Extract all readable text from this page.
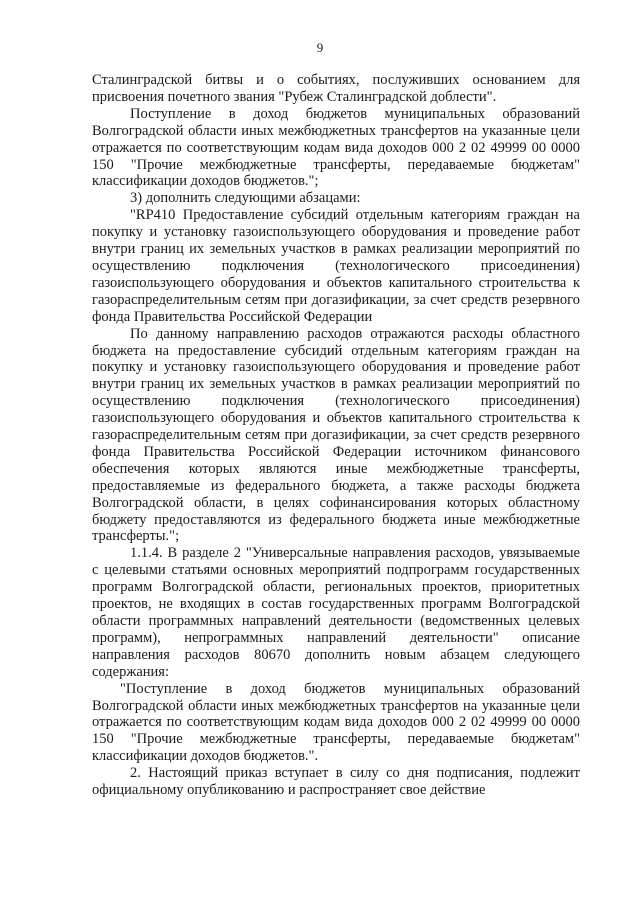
9

Сталинградской битвы и о событиях, послуживших основанием для присвоения почетного звания "Рубеж Сталинградской доблести".

Поступление в доход бюджетов муниципальных образований Волгоградской области иных межбюджетных трансфертов на указанные цели отражается по соответствующим кодам вида доходов 000 2 02 49999 00 0000 150 "Прочие межбюджетные трансферты, передаваемые бюджетам" классификации доходов бюджетов.";

3) дополнить следующими абзацами:

"RP410 Предоставление субсидий отдельным категориям граждан на покупку и установку газоиспользующего оборудования и проведение работ внутри границ их земельных участков в рамках реализации мероприятий по осуществлению подключения (технологического присоединения) газоиспользующего оборудования и объектов капитального строительства к газораспределительным сетям при догазификации, за счет средств резервного фонда Правительства Российской Федерации

По данному направлению расходов отражаются расходы областного бюджета на предоставление субсидий отдельным категориям граждан на покупку и установку газоиспользующего оборудования и проведение работ внутри границ их земельных участков в рамках реализации мероприятий по осуществлению подключения (технологического присоединения) газоиспользующего оборудования и объектов капитального строительства к газораспределительным сетям при догазификации, за счет средств резервного фонда Правительства Российской Федерации источником финансового обеспечения которых являются иные межбюджетные трансферты, предоставляемые из федерального бюджета, а также расходы бюджета Волгоградской области, в целях софинансирования которых областному бюджету предоставляются из федерального бюджета иные межбюджетные трансферты.";

1.1.4. В разделе 2 "Универсальные направления расходов, увязываемые с целевыми статьями основных мероприятий подпрограмм государственных программ Волгоградской области, региональных проектов, приоритетных проектов, не входящих в состав государственных программ Волгоградской области программных направлений деятельности (ведомственных целевых программ), непрограммных направлений деятельности" описание направления расходов 80670 дополнить новым абзацем следующего содержания:

"Поступление в доход бюджетов муниципальных образований Волгоградской области иных межбюджетных трансфертов на указанные цели отражается по соответствующим кодам вида доходов 000 2 02 49999 00 0000 150 "Прочие межбюджетные трансферты, передаваемые бюджетам" классификации доходов бюджетов.".

2. Настоящий приказ вступает в силу со дня подписания, подлежит официальному опубликованию и распространяет свое действие
